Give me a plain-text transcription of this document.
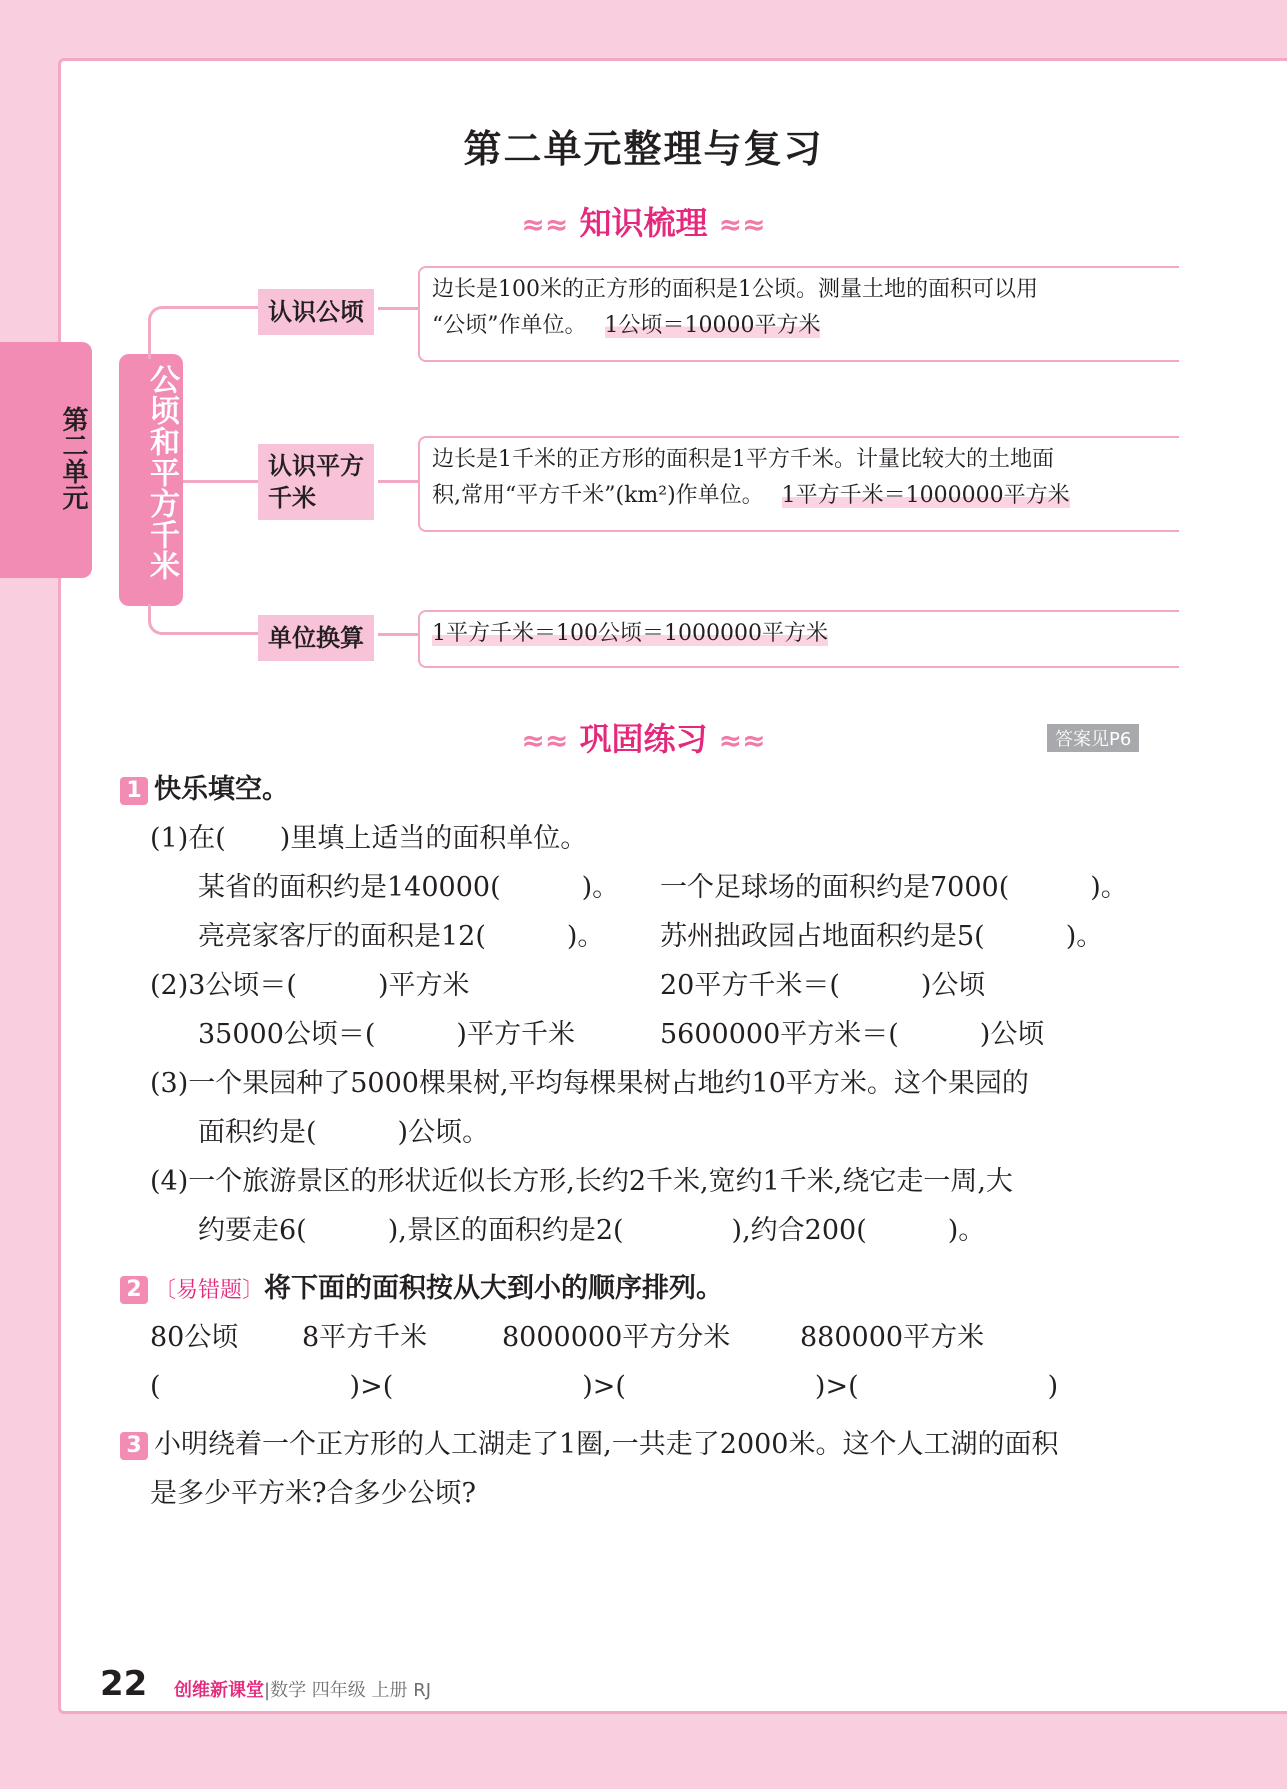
第二单元
第二单元整理与复习
≈≈ 知识梳理 ≈≈
公顷和平方千米
认识公顷
边长是100米的正方形的面积是1公顷。测量土地的面积可以用
“公顷”作单位。　 1公顷＝10000平方米
认识平方
千米
边长是1千米的正方形的面积是1平方千米。计量比较大的土地面
积,常用“平方千米”(km²)作单位。　 1平方千米＝1000000平方米
单位换算	1平方千米＝100公顷＝1000000平方米
≈≈ 巩固练习 ≈≈	答案见P6
1 快乐填空。
(1)在(　　)里填上适当的面积单位。
某省的面积约是140000(　　　)。 一个足球场的面积约是7000(　　　)。
亮亮家客厅的面积是12(　　　)。 苏州拙政园占地面积约是5(　　　)。
(2)3公顷＝(　　　)平方米	20平方千米＝(　　　)公顷
35000公顷＝(　　　)平方千米	5600000平方米＝(　　　)公顷
(3)一个果园种了5000棵果树,平均每棵果树占地约10平方米。这个果园的
面积约是(　　　)公顷。
(4)一个旅游景区的形状近似长方形,长约2千米,宽约1千米,绕它走一周,大
约要走6(　　　),景区的面积约是2(　　　　),约合200(　　　)。
2 〔易错题〕将下面的面积按从大到小的顺序排列。
80公顷 8平方千米	8000000平方分米	880000平方米
(　　　　　　　)>(　　　　　　　)>(　　　　　　　)>(　　　　　　　)
3 小明绕着一个正方形的人工湖走了1圈,一共走了2000米。这个人工湖的面积
是多少平方米?合多少公顷?
22 创维新课堂|数学 四年级 上册 RJ
